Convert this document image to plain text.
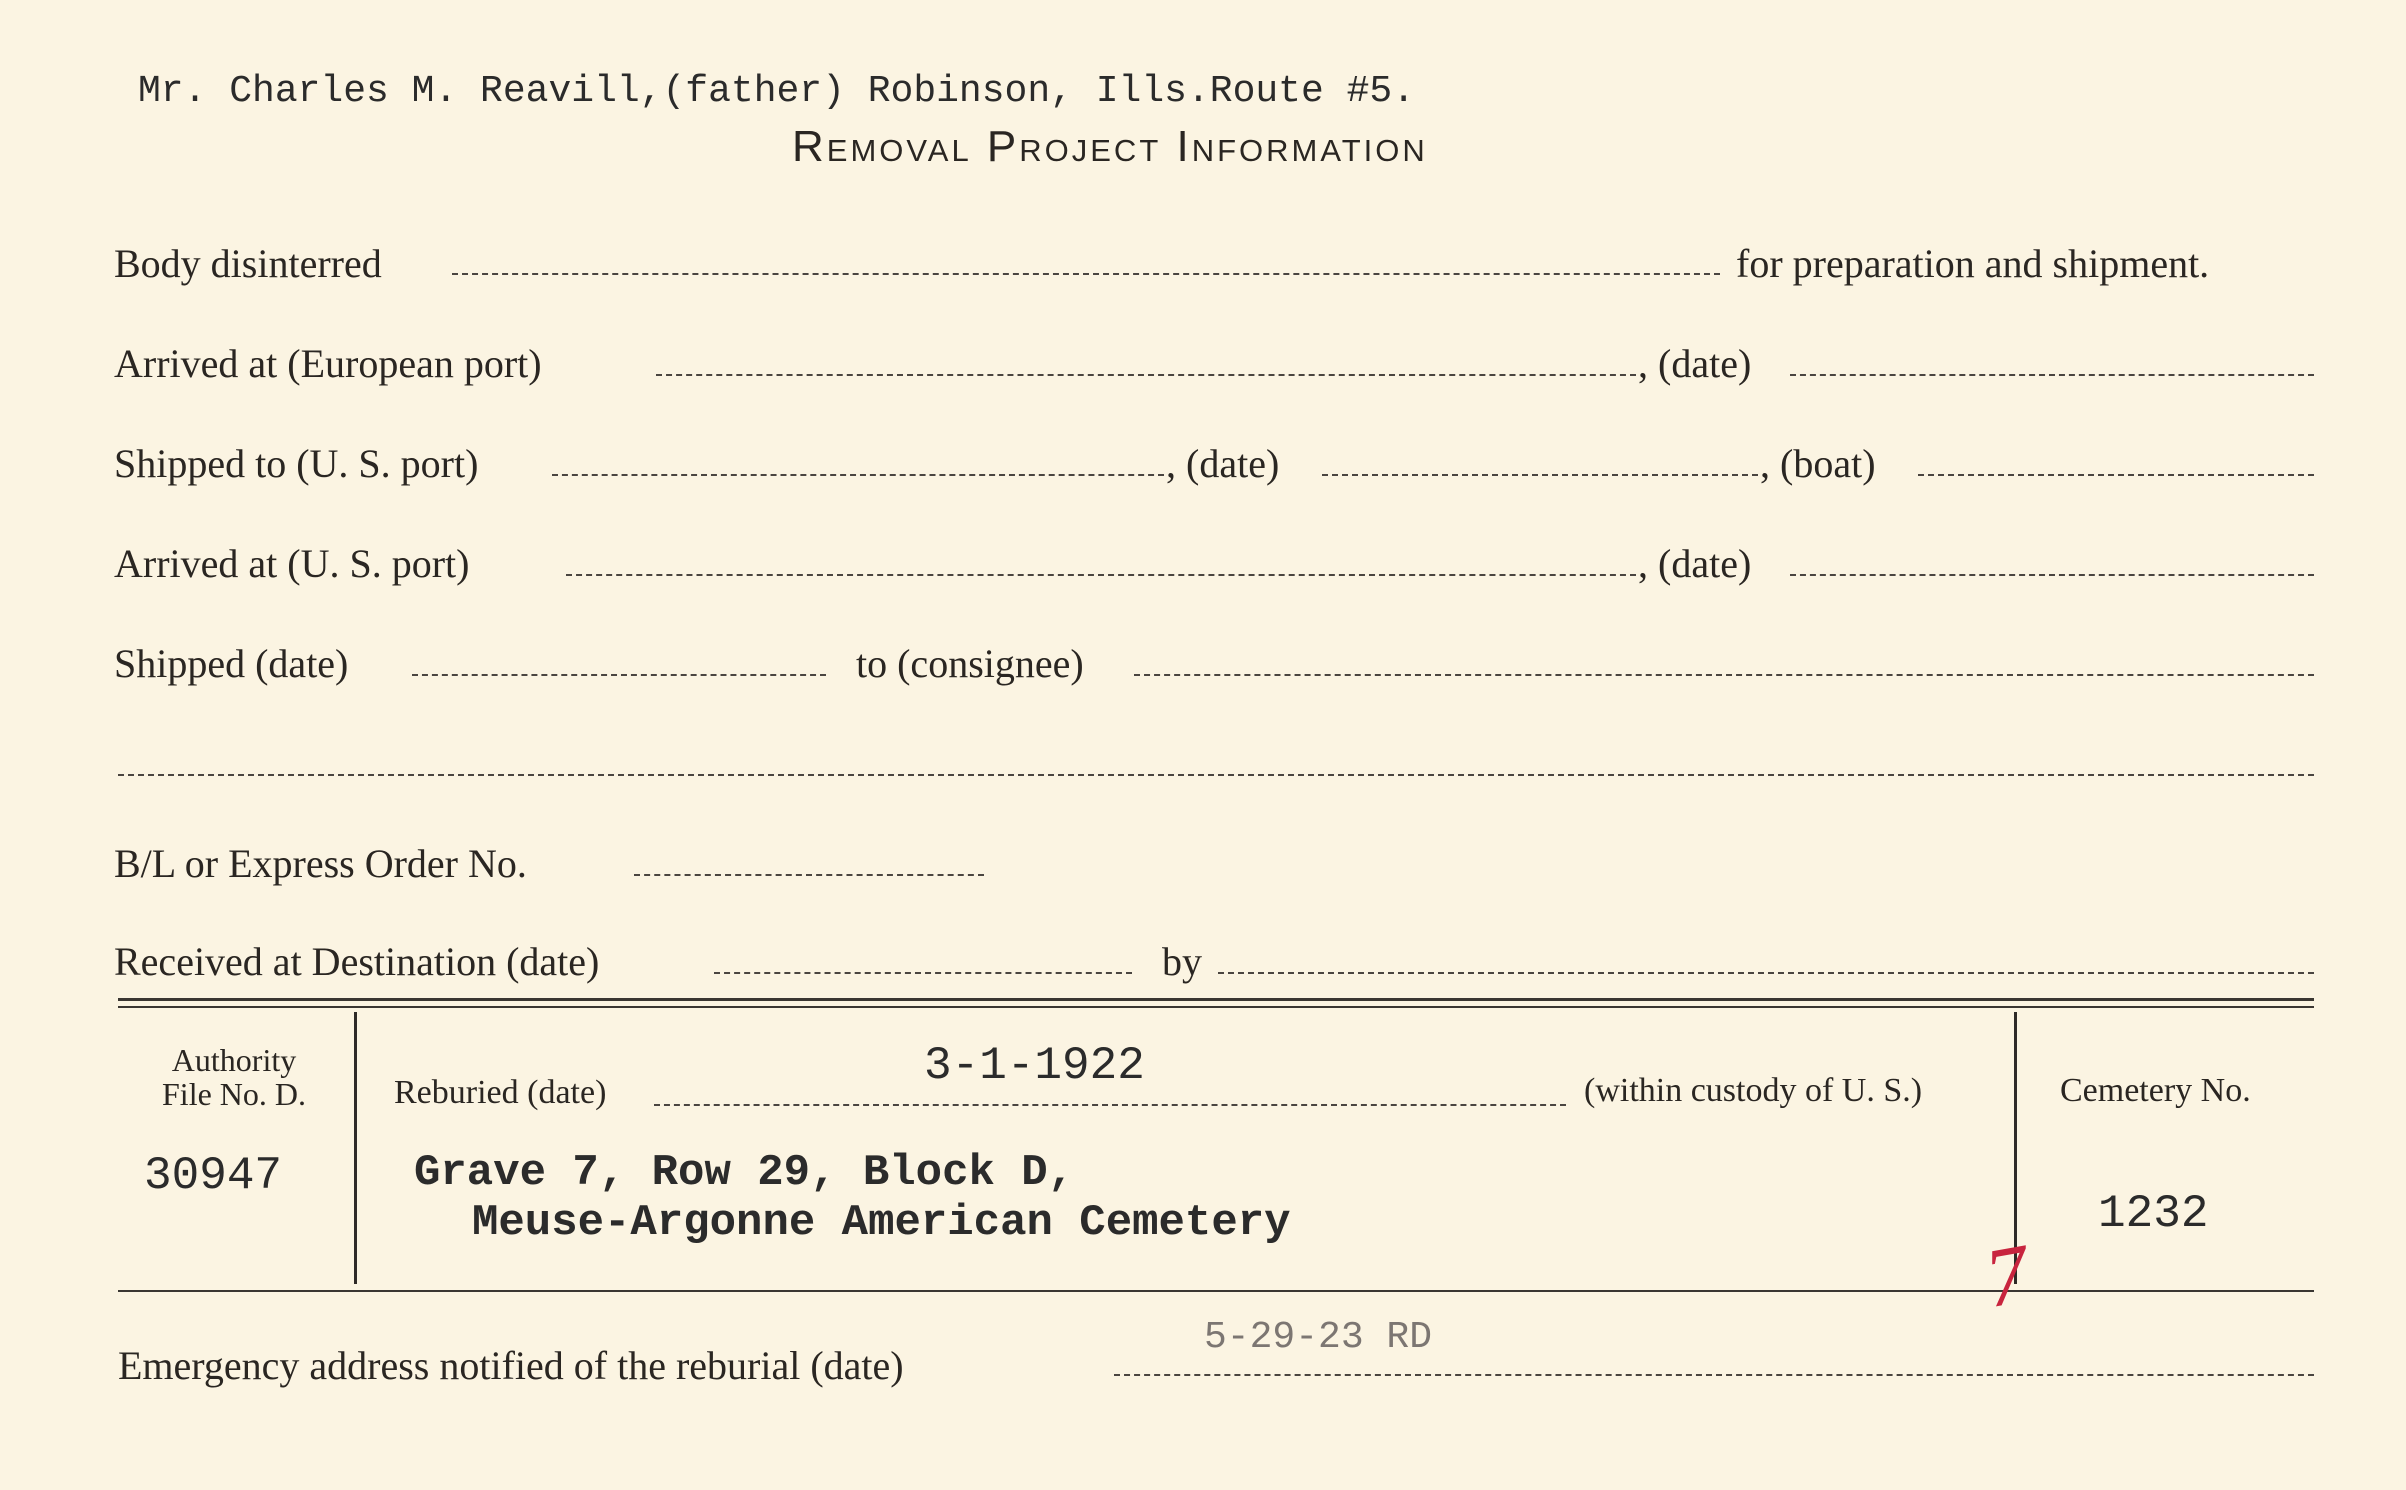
Mr. Charles M. Reavill,(father) Robinson, Ills.Route #5.
Removal Project Information
Body disinterred	for preparation and shipment.
Arrived at (European port)	, (date)
Shipped to (U. S. port)	, (date)	, (boat)
Arrived at (U. S. port)	, (date)
Shipped (date)	to (consignee)
B/L or Express Order No.
Received at Destination (date)	by
Authority
File No. D.
30947
Reburied (date)
3-1-1922	(within custody of U. S.)
Grave 7, Row 29, Block D,
Meuse-Argonne American Cemetery
Cemetery No.
1232
7
Emergency address notified of the reburial (date)
5-29-23 RD
